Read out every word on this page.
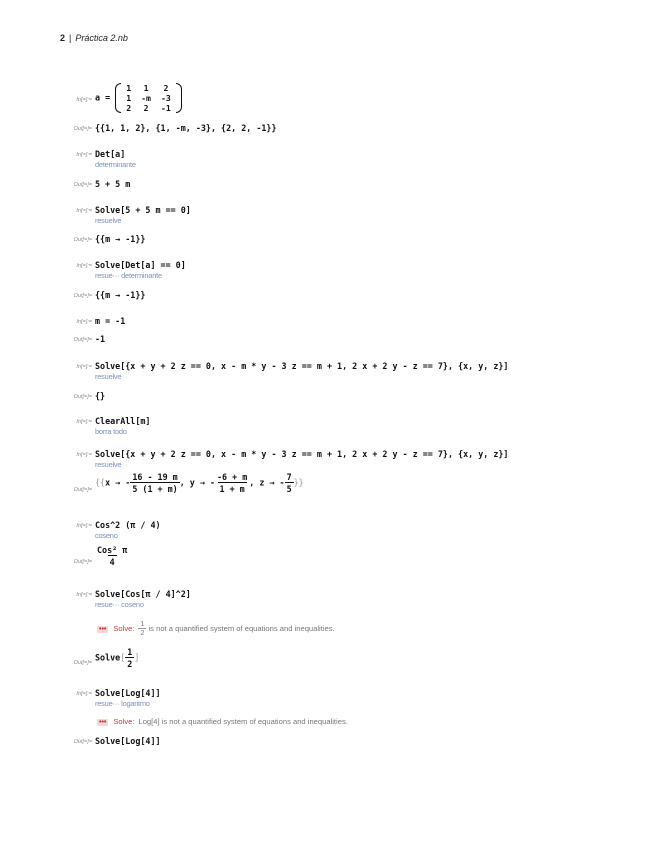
2 | Práctica 2.nb
In[=]:= a =
1	1	2
1	-m	-3
2	2	-1
Out[=]= {{1, 1, 2}, {1, -m, -3}, {2, 2, -1}}
In[=]:= Det[a]
determinante
Out[=]= 5 + 5 m
In[=]:= Solve[5 + 5 m == 0]
resuelve
Out[=]= {{m → -1}}
In[=]:= Solve[Det[a] == 0]
resue··· determinante
Out[=]= {{m → -1}}
In[=]:= m = -1
Out[=]= -1
In[=]:= Solve[{x + y + 2 z == 0, x - m * y - 3 z == m + 1, 2 x + 2 y - z == 7}, {x, y, z}]
resuelve
Out[=]= {}
In[=]:= ClearAll[m]
borra todo
In[=]:= Solve[{x + y + 2 z == 0, x - m * y - 3 z == m + 1, 2 x + 2 y - z == 7}, {x, y, z}]
resuelve
Out[=]=
{{x → - $\frac{16 - 19 m}{5 (1 + m)}$ , y → - $\frac{-6 + m}{1 + m}$ , z → - $\frac{7}{5}$ }}
In[=]:= Cos^2 (π / 4)
coseno
$Out[=]= \frac{\text{Cos² π}}{4}$
In[=]:= Solve[Cos[π / 4]^2]
resue··· coseno
••• Solve: $\frac{1}{2}$ is not a quantified system of equations and inequalities.
Out[=]=
Solve[ $\frac{1}{2}$ ]
In[=]:= Solve[Log[4]]
resue··· logaritmo
••• Solve: Log[4] is not a quantified system of equations and inequalities.
Out[=]= Solve[Log[4]]
